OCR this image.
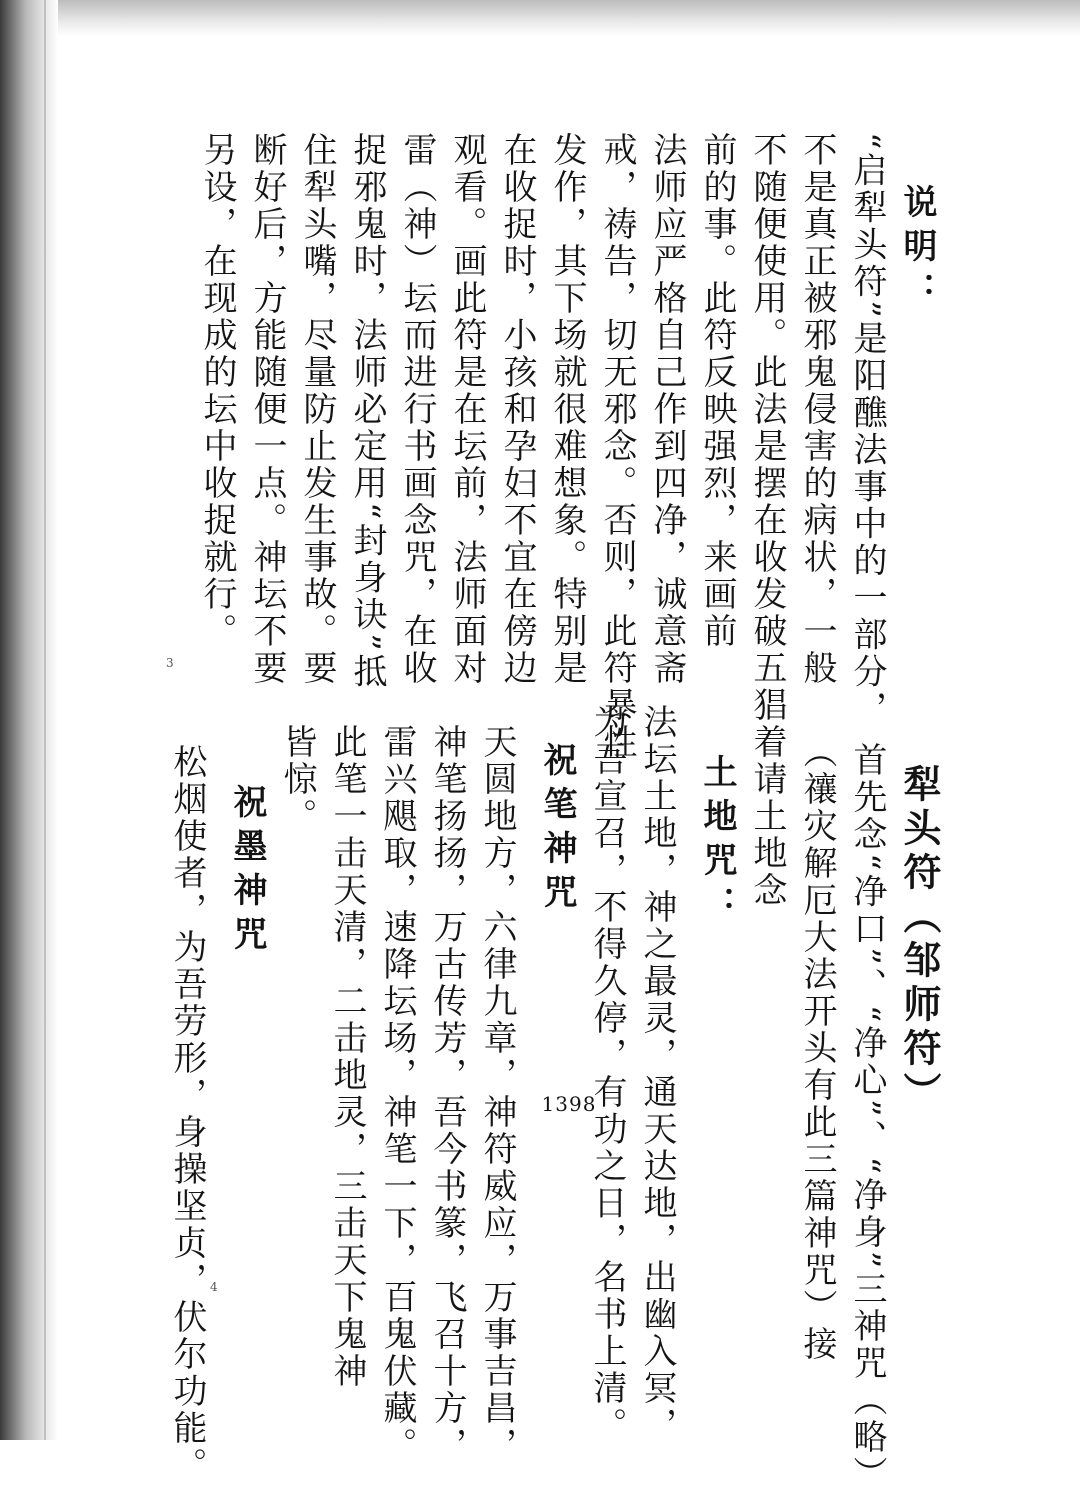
说明：
“启犁头符”是阳醮法事中的一部分，
不是真正被邪鬼侵害的病状，一般
不随便使用。此法是摆在收发破五猖
前的事。此符反映强烈，来画前
法师应严格自己作到四净，诚意斋
戒，祷告，切无邪念。否则，此符暴性
发作，其下场就很难想象。特别是
在收捉时，小孩和孕妇不宜在傍边
观看。画此符是在坛前，法师面对
雷（神）坛而进行书画念咒，在收
捉邪鬼时，法师必定用“封身诀”抵
住犁头嘴，尽量防止发生事故。要
断好后，方能随便一点。神坛不要
另设，在现成的坛中收捉就行。
3
犁头符（邹师符）
首先念“净口”、“净心”、“净身”三神咒（略）
（禳灾解厄大法开头有此三篇神咒）接
着请土地念
土地咒：
法坛土地，神之最灵，通天达地，出幽入冥，
为吾宣召，不得久停，有功之日，名书上清。
祝笔神咒
天圆地方，六律九章，神符威应，万事吉昌，
神笔扬扬，万古传芳，吾今书篆，飞召十方，
雷兴飓取，速降坛场，神笔一下，百鬼伏藏。
此笔一击天清，二击地灵，三击天下鬼神
皆惊。
祝墨神咒
松烟使者，为吾劳形，身操坚贞，伏尔功能。 4
1398
